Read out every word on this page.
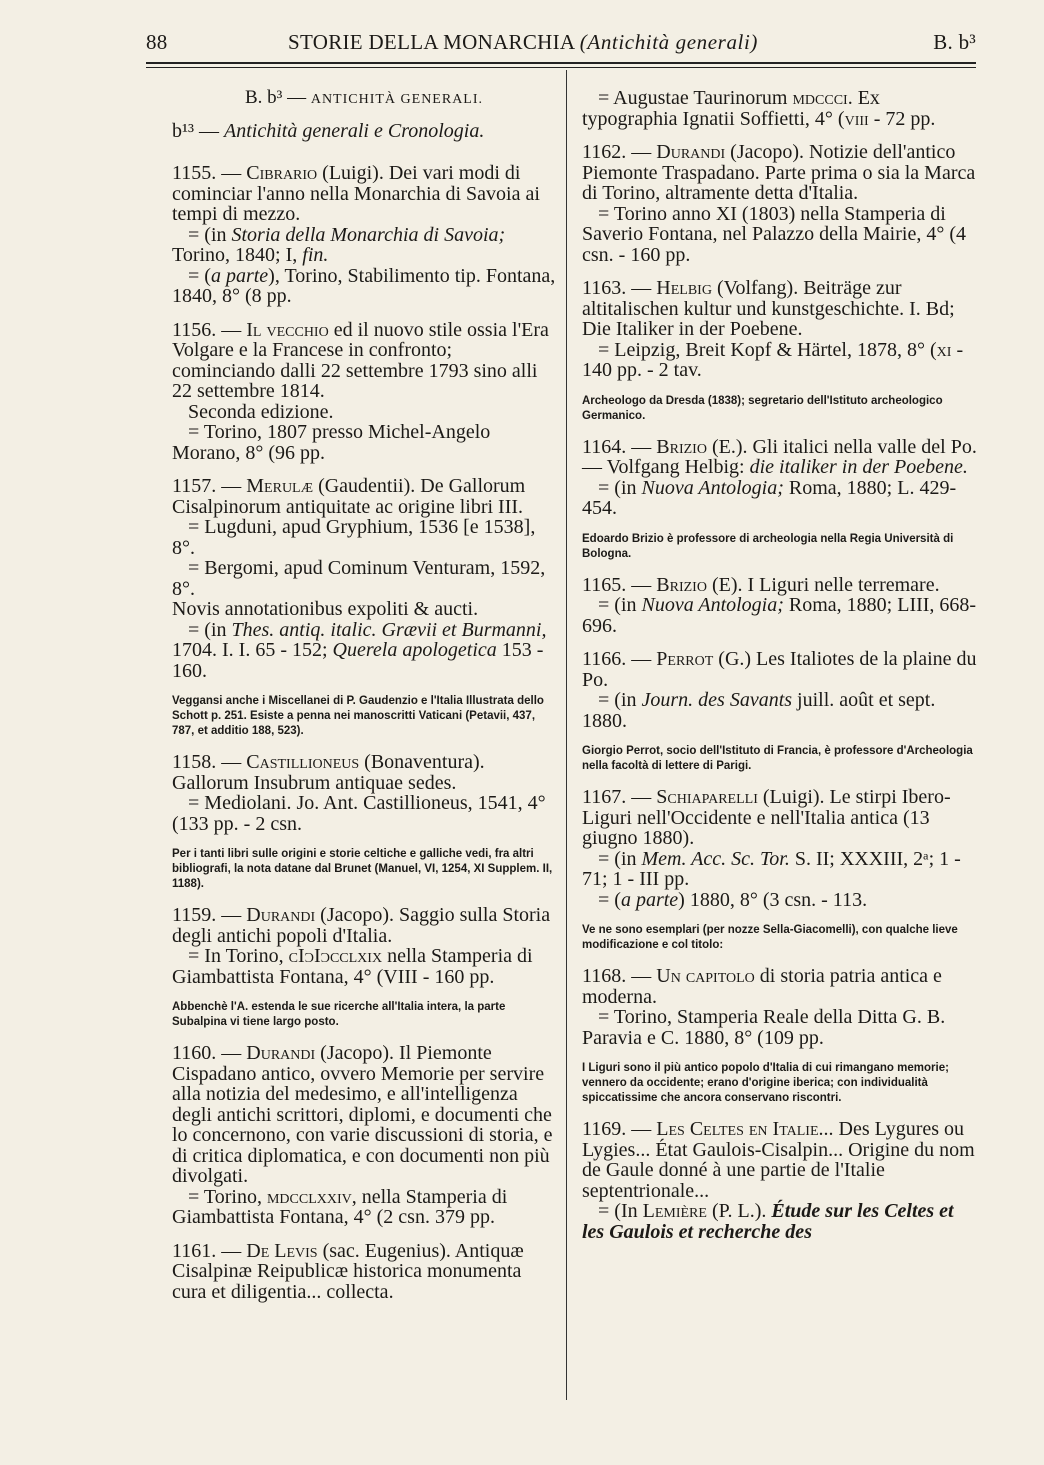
88	STORIE DELLA MONARCHIA (Antichità generali)	B. b³

B. b³ — ANTICHITÀ GENERALI.

b¹³ — Antichità generali e Cronologia.

1155. — Cibrario (Luigi). Dei vari modi di cominciar l'anno nella Monarchia di Savoia ai tempi di mezzo.
= (in Storia della Monarchia di Savoia; Torino, 1840; I, fin.
= (a parte), Torino, Stabilimento tip. Fontana, 1840, 8° (8 pp.

1156. — Il vecchio ed il nuovo stile ossia l'Era Volgare e la Francese in confronto; cominciando dalli 22 settembre 1793 sino alli 22 settembre 1814.
Seconda edizione.
= Torino, 1807 presso Michel-Angelo Morano, 8° (96 pp.

1157. — Merulæ (Gaudentii). De Gallorum Cisalpinorum antiquitate ac origine libri III.
= Lugduni, apud Gryphium, 1536 [e 1538], 8°.
= Bergomi, apud Cominum Venturam, 1592, 8°.
Novis annotationibus expoliti & aucti.
= (in Thes. antiq. italic. Grævii et Burmanni, 1704. I. I. 65 - 152; Querela apologetica 153 - 160.

Veggansi anche i Miscellanei di P. Gaudenzio e l'Italia Illustrata dello Schott p. 251. Esiste a penna nei manoscritti Vaticani (Petavii, 437, 787, et additio 188, 523).

1158. — Castillioneus (Bonaventura). Gallorum Insubrum antiquae sedes.
= Mediolani. Jo. Ant. Castillioneus, 1541, 4° (133 pp. - 2 csn.

Per i tanti libri sulle origini e storie celtiche e galliche vedi, fra altri bibliografi, la nota datane dal Brunet (Manuel, VI, 1254, XI Supplem. II, 1188).

1159. — Durandi (Jacopo). Saggio sulla Storia degli antichi popoli d'Italia.
= In Torino, cIɔIɔcclxix nella Stamperia di Giambattista Fontana, 4° (VIII - 160 pp.

Abbenchè l'A. estenda le sue ricerche all'Italia intera, la parte Subalpina vi tiene largo posto.

1160. — Durandi (Jacopo). Il Piemonte Cispadano antico, ovvero Memorie per servire alla notizia del medesimo, e all'intelligenza degli antichi scrittori, diplomi, e documenti che lo concernono, con varie discussioni di storia, e di critica diplomatica, e con documenti non più divolgati.
= Torino, mdcclxxiv, nella Stamperia di Giambattista Fontana, 4° (2 csn. 379 pp.

1161. — De Levis (sac. Eugenius). Antiquæ Cisalpinæ Reipublicæ historica monumenta cura et diligentia... collecta.

= Augustae Taurinorum mdccci. Ex typographia Ignatii Soffietti, 4° (viii - 72 pp.

1162. — Durandi (Jacopo). Notizie dell'antico Piemonte Traspadano. Parte prima o sia la Marca di Torino, altramente detta d'Italia.
= Torino anno XI (1803) nella Stamperia di Saverio Fontana, nel Palazzo della Mairie, 4° (4 csn. - 160 pp.

1163. — Helbig (Volfang). Beiträge zur altitalischen kultur und kunstgeschichte. I. Bd; Die Italiker in der Poebene.
= Leipzig, Breit Kopf & Härtel, 1878, 8° (xi - 140 pp. - 2 tav.

Archeologo da Dresda (1838); segretario dell'Istituto archeologico Germanico.

1164. — Brizio (E.). Gli italici nella valle del Po. — Volfgang Helbig: die italiker in der Poebene.
= (in Nuova Antologia; Roma, 1880; L. 429-454.

Edoardo Brizio è professore di archeologia nella Regia Università di Bologna.

1165. — Brizio (E). I Liguri nelle terremare.
= (in Nuova Antologia; Roma, 1880; LIII, 668-696.

1166. — Perrot (G.) Les Italiotes de la plaine du Po.
= (in Journ. des Savants juill. août et sept. 1880.

Giorgio Perrot, socio dell'Istituto di Francia, è professore d'Archeologia nella facoltà di lettere di Parigi.

1167. — Schiaparelli (Luigi). Le stirpi Ibero-Liguri nell'Occidente e nell'Italia antica (13 giugno 1880).
= (in Mem. Acc. Sc. Tor. S. II; XXXIII, 2ᵃ; 1 - 71; 1 - III pp.
= (a parte) 1880, 8° (3 csn. - 113.

Ve ne sono esemplari (per nozze Sella-Giacomelli), con qualche lieve modificazione e col titolo:

1168. — Un capitolo di storia patria antica e moderna.
= Torino, Stamperia Reale della Ditta G. B. Paravia e C. 1880, 8° (109 pp.

I Liguri sono il più antico popolo d'Italia di cui rimangano memorie; vennero da occidente; erano d'origine iberica; con individualità spiccatissime che ancora conservano riscontri.

1169. — Les Celtes en Italie... Des Lygures ou Lygies... État Gaulois-Cisalpin... Origine du nom de Gaule donné à une partie de l'Italie septentrionale...
= (In Lemière (P. L.). Étude sur les Celtes et les Gaulois et recherche des
